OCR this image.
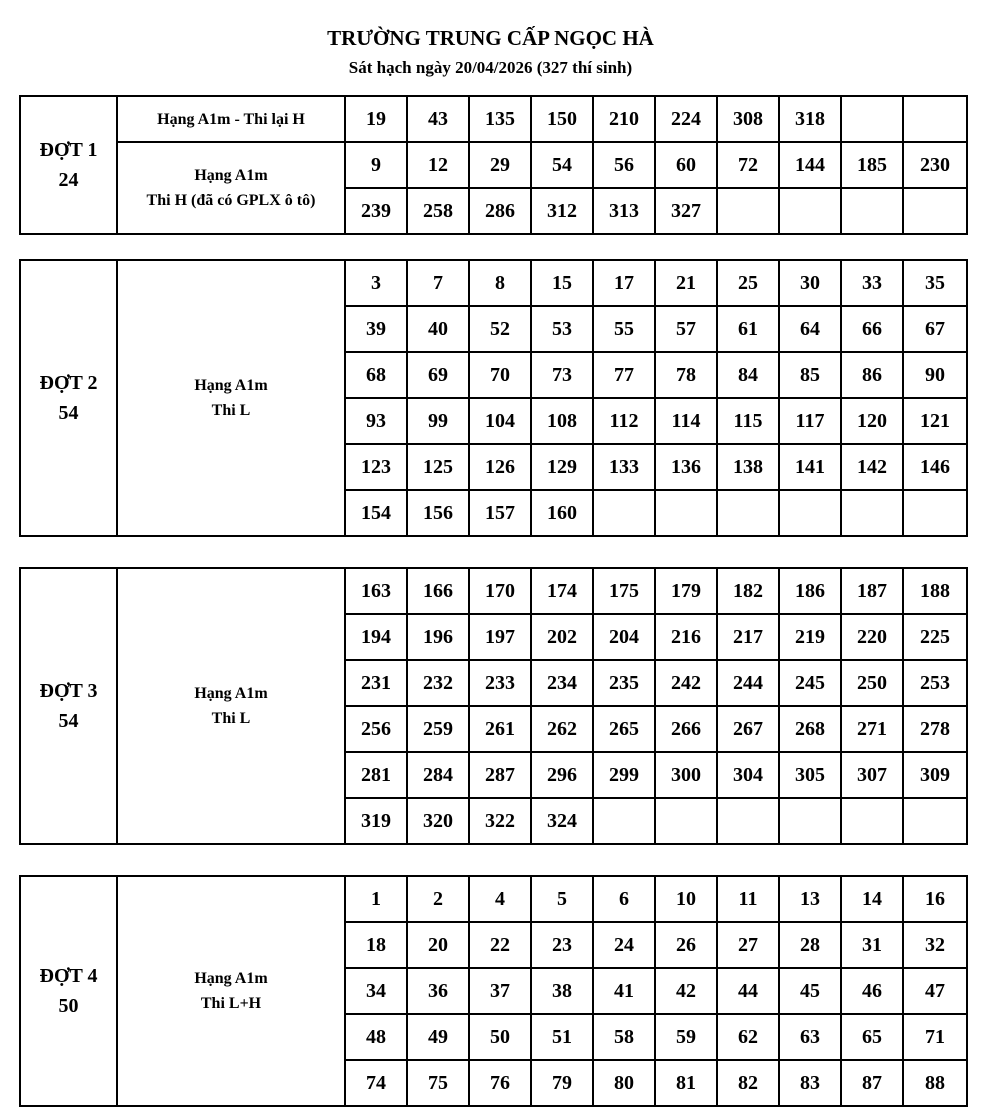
TRƯỜNG TRUNG CẤP NGỌC HÀ
Sát hạch ngày 20/04/2026 (327 thí sinh)
ĐỢT 1
24	Hạng A1m - Thi lại H	19	43	135	150	210	224	308	318		

	Hạng A1m
Thi H (đã có GPLX ô tô)	9	12	29	54	56	60	72	144	185	230
		239	258	286	312	313	327				
ĐỢT 2
54	Hạng A1m
Thi L	3	7	8	15	17	21	25	30	33	35
		39	40	52	53	55	57	61	64	66	67
		68	69	70	73	77	78	84	85	86	90
		93	99	104	108	112	114	115	117	120	121
		123	125	126	129	133	136	138	141	142	146
		154	156	157	160						
ĐỢT 3
54	Hạng A1m
Thi L	163	166	170	174	175	179	182	186	187	188
		194	196	197	202	204	216	217	219	220	225
		231	232	233	234	235	242	244	245	250	253
		256	259	261	262	265	266	267	268	271	278
		281	284	287	296	299	300	304	305	307	309
		319	320	322	324						
ĐỢT 4
50	Hạng A1m
Thi L+H	1	2	4	5	6	10	11	13	14	16
		18	20	22	23	24	26	27	28	31	32
		34	36	37	38	41	42	44	45	46	47
		48	49	50	51	58	59	62	63	65	71
		74	75	76	79	80	81	82	83	87	88
